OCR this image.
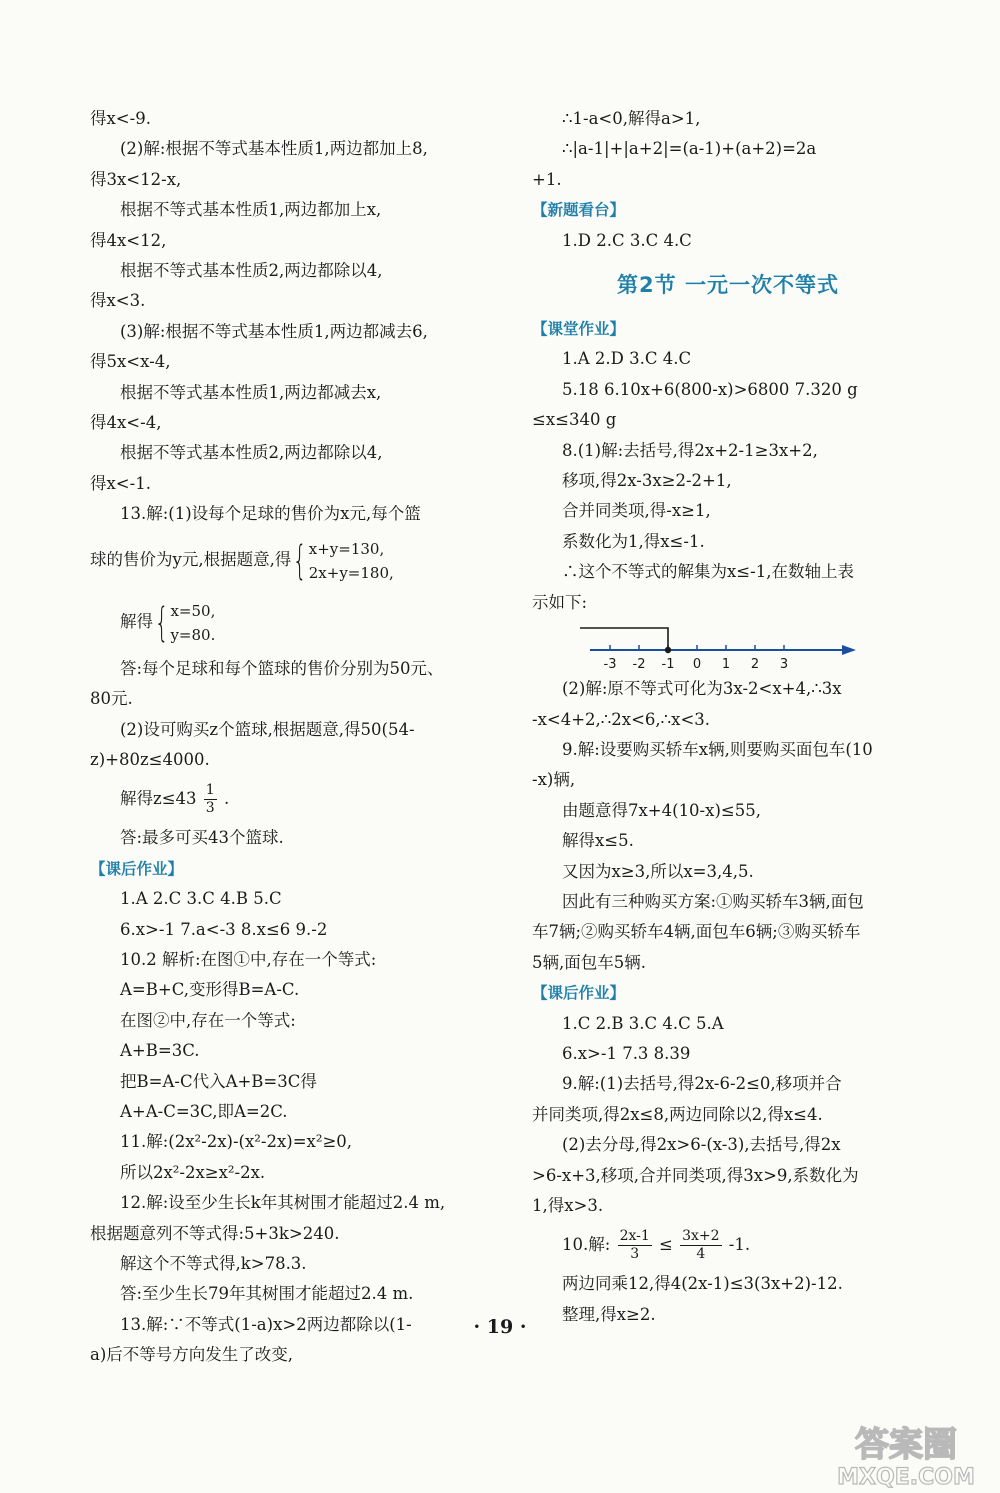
得x<-9.
(2)解:根据不等式基本性质1,两边都加上8,
得3x<12-x,
根据不等式基本性质1,两边都加上x,
得4x<12,
根据不等式基本性质2,两边都除以4,
得x<3.
(3)解:根据不等式基本性质1,两边都减去6,
得5x<x-4,
根据不等式基本性质1,两边都减去x,
得4x<-4,
根据不等式基本性质2,两边都除以4,
得x<-1.
13.解:(1)设每个足球的售价为x元,每个篮
球的售价为y元,根据题意,得 { x+y=130,
2x+y=180,
解得 { x=50,
y=80.
答:每个足球和每个篮球的售价分别为50元、
80元.
(2)设可购买z个篮球,根据题意,得50(54-
z)+80z≤4000.
解得$z\le 43 \frac{1}{3}$ .
答:最多可买43个篮球.
【课后作业】
1.A 2.C 3.C 4.B 5.C
6.x>-1 7.a<-3 8.x≤6 9.-2
10.2 解析:在图①中,存在一个等式:
A=B+C,变形得B=A-C.
在图②中,存在一个等式:
A+B=3C.
把B=A-C代入A+B=3C得
A+A-C=3C,即A=2C.
11.解:(2x²-2x)-(x²-2x)=x²≥0,
所以2x²-2x≥x²-2x.
12.解:设至少生长k年其树围才能超过2.4 m,
根据题意列不等式得:5+3k>240.
解这个不等式得,k>78.3.
答:至少生长79年其树围才能超过2.4 m.
13.解:∵不等式(1-a)x>2两边都除以(1-
a)后不等号方向发生了改变,
∴1-a<0,解得a>1,
∴|a-1|+|a+2|=(a-1)+(a+2)=2a
+1.
【新题看台】
1.D 2.C 3.C 4.C
第2节 一元一次不等式
【课堂作业】
1.A 2.D 3.C 4.C
5.18 6.10x+6(800-x)>6800 7.320 g
≤x≤340 g
8.(1)解:去括号,得2x+2-1≥3x+2,
移项,得2x-3x≥2-2+1,
合并同类项,得-x≥1,
系数化为1,得x≤-1.
∴这个不等式的解集为x≤-1,在数轴上表
示如下:
-3 -2 -1 0 1 2 3
(2)解:原不等式可化为3x-2<x+4,∴3x
-x<4+2,∴2x<6,∴x<3.
9.解:设要购买轿车x辆,则要购买面包车(10
-x)辆,
由题意得7x+4(10-x)≤55,
解得x≤5.
又因为x≥3,所以x=3,4,5.
因此有三种购买方案:①购买轿车3辆,面包
车7辆;②购买轿车4辆,面包车6辆;③购买轿车
5辆,面包车5辆.
【课后作业】
1.C 2.B 3.C 4.C 5.A
6.x>-1 7.3 8.39
9.解:(1)去括号,得2x-6-2≤0,移项并合
并同类项,得2x≤8,两边同除以2,得x≤4.
(2)去分母,得2x>6-(x-3),去括号,得2x
>6-x+3,移项,合并同类项,得3x>9,系数化为
1,得x>3.
10.解: $\frac{2x-1}{3} \le \frac{3x+2}{4} -1$.
两边同乘12,得4(2x-1)≤3(3x+2)-12.
整理,得x≥2.
· 19 ·
答案圈
MXQE.COM
